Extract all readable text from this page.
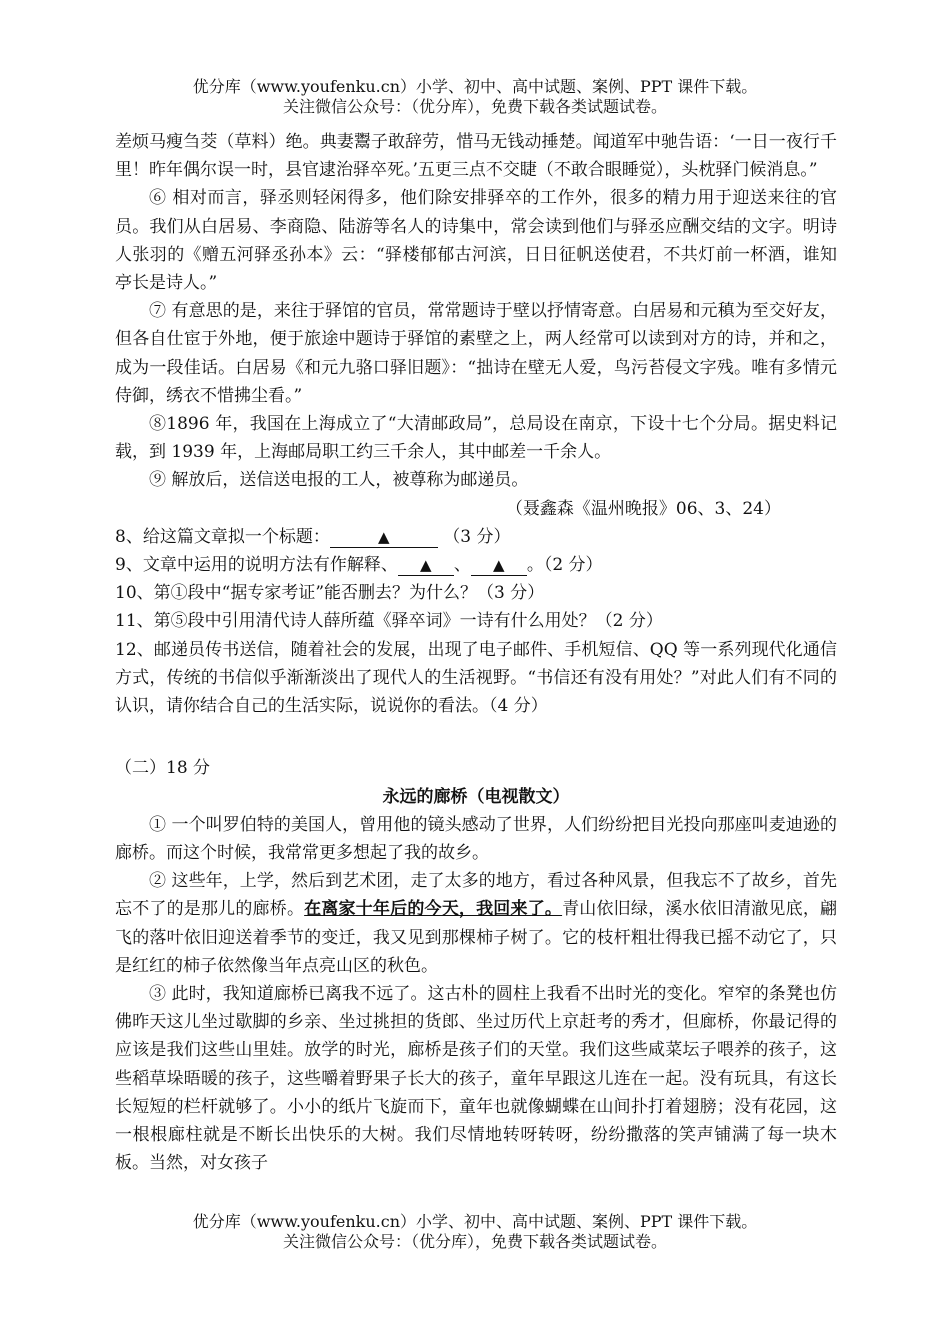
优分库（www.youfenku.cn）小学、初中、高中试题、案例、PPT 课件下载。
关注微信公众号：（优分库），免费下载各类试题试卷。

差烦马瘦刍茭（草料）绝。典妻鬻子敢辞劳，惜马无钱动捶楚。闻道军中驰告语：‘一日一夜行千里！昨年偶尔误一时，县官逮治驿卒死。’五更三点不交睫（不敢合眼睡觉），头枕驿门候消息。”

⑥ 相对而言，驿丞则轻闲得多，他们除安排驿卒的工作外，很多的精力用于迎送来往的官员。我们从白居易、李商隐、陆游等名人的诗集中，常会读到他们与驿丞应酬交结的文字。明诗人张羽的《赠五河驿丞孙本》云：“驿楼郁郁古河滨，日日征帆送使君，不共灯前一杯酒，谁知亭长是诗人。”

⑦ 有意思的是，来往于驿馆的官员，常常题诗于壁以抒情寄意。白居易和元稹为至交好友，但各自仕宦于外地，便于旅途中题诗于驿馆的素壁之上，两人经常可以读到对方的诗，并和之，成为一段佳话。白居易《和元九骆口驿旧题》：“拙诗在壁无人爱，鸟污苔侵文字残。唯有多情元侍御，绣衣不惜拂尘看。”

⑧1896 年，我国在上海成立了“大清邮政局”，总局设在南京，下设十七个分局。据史料记载，到 1939 年，上海邮局职工约三千余人，其中邮差一千余人。

⑨ 解放后，送信送电报的工人，被尊称为邮递员。

（聂鑫森《温州晚报》06、3、24）

8、给这篇文章拟一个标题：	▲	（3 分）

9、文章中运用的说明方法有作解释、 ▲ 、 ▲ 。（2 分）

10、第①段中“据专家考证”能否删去？为什么？（3 分）

11、第⑤段中引用清代诗人薛所蕴《驿卒词》一诗有什么用处？（2 分）

12、邮递员传书送信，随着社会的发展，出现了电子邮件、手机短信、QQ 等一系列现代化通信方式，传统的书信似乎渐渐淡出了现代人的生活视野。“书信还有没有用处？”对此人们有不同的认识，请你结合自己的生活实际，说说你的看法。（4 分）

（二）18 分

永远的廊桥（电视散文）

① 一个叫罗伯特的美国人，曾用他的镜头感动了世界，人们纷纷把目光投向那座叫麦迪逊的廊桥。而这个时候，我常常更多想起了我的故乡。

② 这些年，上学，然后到艺术团，走了太多的地方，看过各种风景，但我忘不了故乡，首先忘不了的是那儿的廊桥。在离家十年后的今天，我回来了。青山依旧绿，溪水依旧清澈见底，翩飞的落叶依旧迎送着季节的变迁，我又见到那棵柿子树了。它的枝杆粗壮得我已摇不动它了，只是红红的柿子依然像当年点亮山区的秋色。

③ 此时，我知道廊桥已离我不远了。这古朴的圆柱上我看不出时光的变化。窄窄的条凳也仿佛昨天这儿坐过歇脚的乡亲、坐过挑担的货郎、坐过历代上京赶考的秀才，但廊桥，你最记得的应该是我们这些山里娃。放学的时光，廊桥是孩子们的天堂。我们这些咸菜坛子喂养的孩子，这些稻草垛晤暖的孩子，这些嚼着野果子长大的孩子，童年早跟这儿连在一起。没有玩具，有这长长短短的栏杆就够了。小小的纸片飞旋而下，童年也就像蝴蝶在山间扑打着翅膀；没有花园，这一根根廊柱就是不断长出快乐的大树。我们尽情地转呀转呀，纷纷撒落的笑声铺满了每一块木板。当然，对女孩子

优分库（www.youfenku.cn）小学、初中、高中试题、案例、PPT 课件下载。
关注微信公众号：（优分库），免费下载各类试题试卷。
